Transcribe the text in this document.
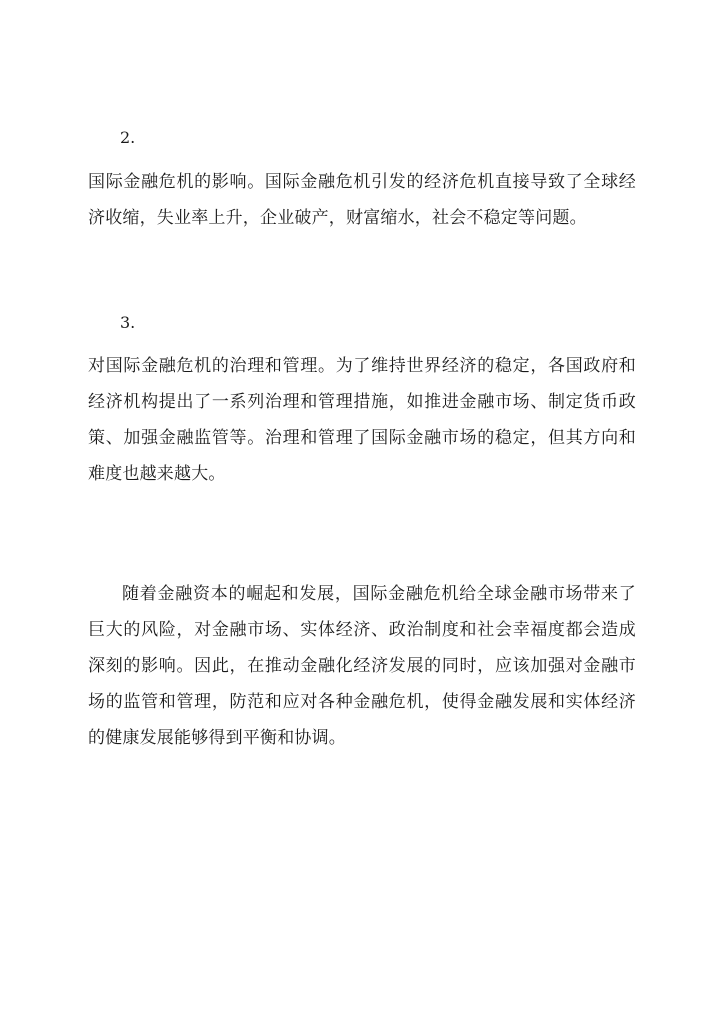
2.

国际金融危机的影响。国际金融危机引发的经济危机直接导致了全球经济收缩，失业率上升，企业破产，财富缩水，社会不稳定等问题。

3.

对国际金融危机的治理和管理。为了维持世界经济的稳定，各国政府和经济机构提出了一系列治理和管理措施，如推进金融市场、制定货币政策、加强金融监管等。治理和管理了国际金融市场的稳定，但其方向和难度也越来越大。

随着金融资本的崛起和发展，国际金融危机给全球金融市场带来了巨大的风险，对金融市场、实体经济、政治制度和社会幸福度都会造成深刻的影响。因此，在推动金融化经济发展的同时，应该加强对金融市场的监管和管理，防范和应对各种金融危机，使得金融发展和实体经济的健康发展能够得到平衡和协调。
